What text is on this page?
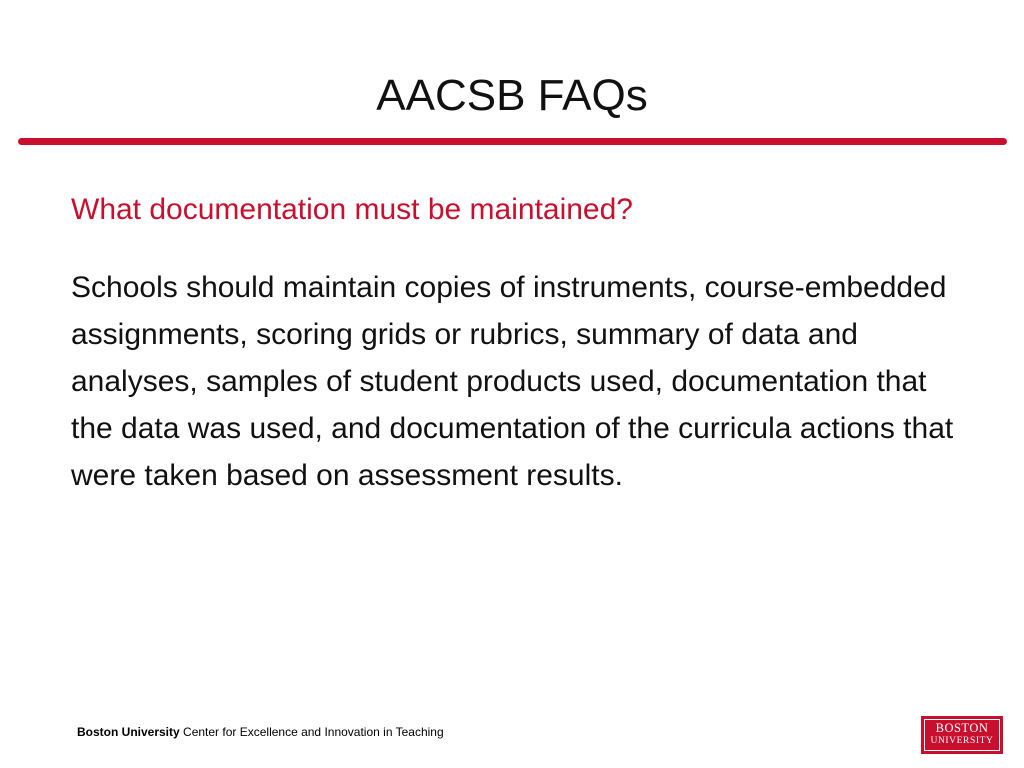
AACSB FAQs
What documentation must be maintained?

Schools should maintain copies of instruments, course-embedded assignments, scoring grids or rubrics, summary of data and analyses, samples of student products used, documentation that the data was used, and documentation of the curricula actions that were taken based on assessment results.

Boston University Center for Excellence and Innovation in Teaching	BOSTON
UNIVERSITY
